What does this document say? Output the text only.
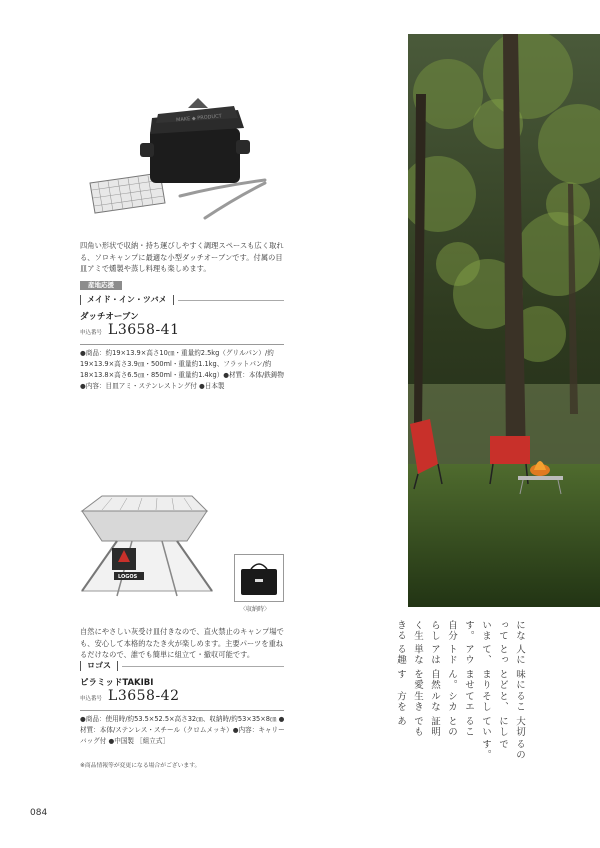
MAKE ◆ PRODUCT
四角い形状で収納・持ち運びしやすく調理スペースも広く取れる、ソロキャンプに最適な小型ダッチオーブンです。付属の目皿アミで燻製や蒸し料理も楽しめます。
産地応援
メイド・イン・ツバメ
ダッチオーブン
申込番号 L3658-41
●商品：約19×13.9×高さ10㎝・重量約2.5kg（グリルパン）/約19×13.9×高さ3.9㎝・500ml・重量約1.1kg、フラットパン/約18×13.8×高さ6.5㎝・850ml・重量約1.4kg）●材質：本体/鉄鋳物 ●内容：目皿アミ・ステンレストング付 ●日本製
LOGOS
〈収納時〉
自然にやさしい灰受け皿付きなので、直火禁止のキャンプ場でも、安心して本格的なたき火が楽しめます。主要パーツを重ねるだけなので、誰でも簡単に組立て・撤収可能です。
ロゴス
ピラミッドTAKIBI
申込番号 L3658-42
●商品：使用時/約53.5×52.5×高さ32㎝、収納時/約53×35×8㎝ ●材質：本体/ステンレス・スチール（クロムメッキ）●内容：キャリーバッグ付 ●中国製 ［組立式］
※商品情報等が変更になる場合がございます。
084
になっています。自分らしく生きる
人にとって、アウトドアは単なる趣
味にとどまりません。自然を愛す
ること、そしてエシカルな生き方を
大切にしていることの証明でもあ
るのです。
